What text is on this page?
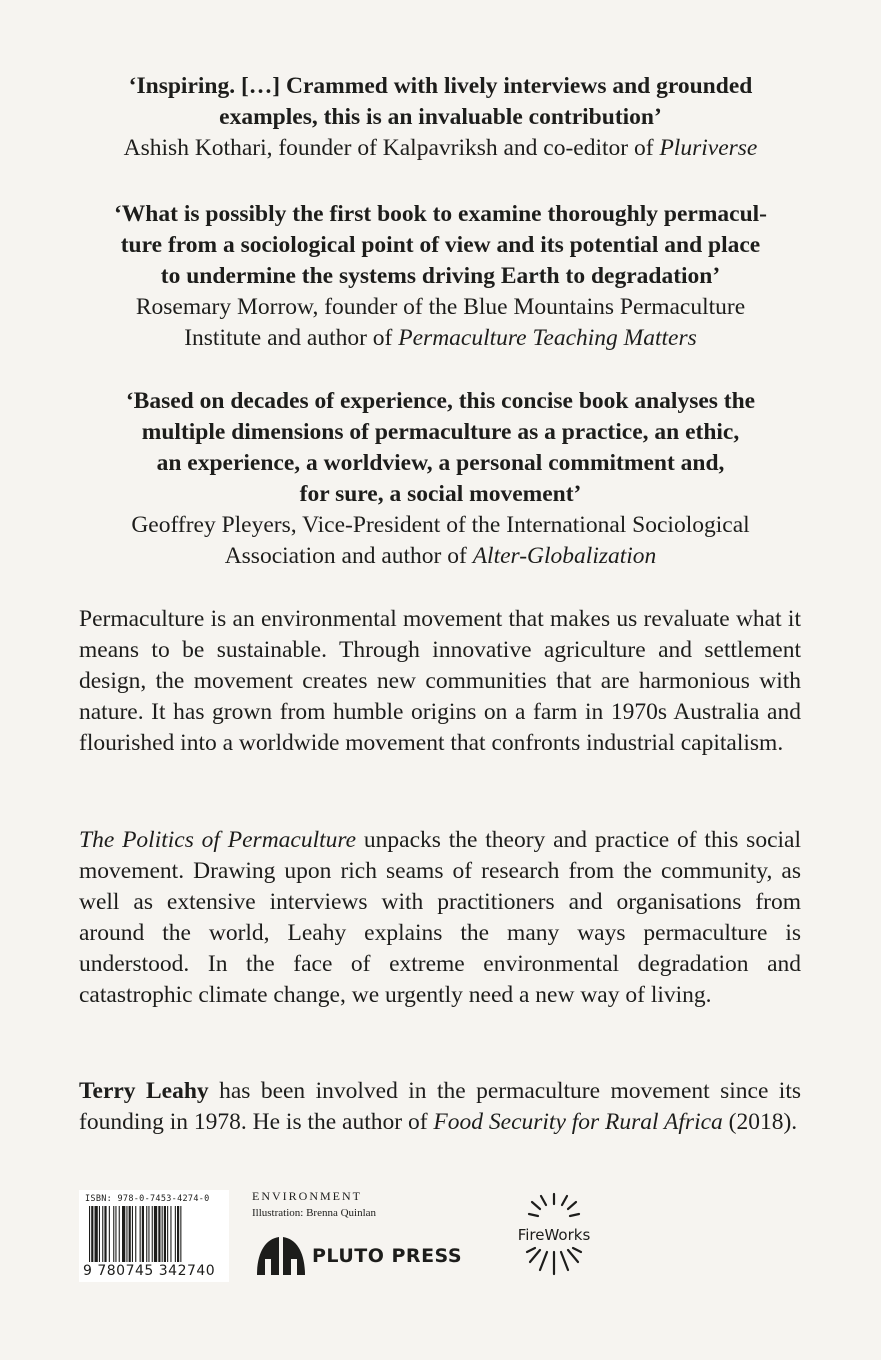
‘Inspiring. […] Crammed with lively interviews and grounded

examples, this is an invaluable contribution’

Ashish Kothari, founder of Kalpavriksh and co-editor of Pluriverse

‘What is possibly the first book to examine thoroughly permacul-

ture from a sociological point of view and its potential and place

to undermine the systems driving Earth to degradation’

Rosemary Morrow, founder of the Blue Mountains Permaculture

Institute and author of Permaculture Teaching Matters

‘Based on decades of experience, this concise book analyses the

multiple dimensions of permaculture as a practice, an ethic,

an experience, a worldview, a personal commitment and,

for sure, a social movement’

Geoffrey Pleyers, Vice-President of the International Sociological

Association and author of Alter-Globalization

Permaculture is an environmental movement that makes us revaluate what it means to be sustainable. Through innovative agriculture and settlement design, the movement creates new communities that are harmonious with nature. It has grown from humble origins on a farm in 1970s Australia and flourished into a worldwide movement that confronts industrial capitalism.

The Politics of Permaculture unpacks the theory and practice of this social movement. Drawing upon rich seams of research from the community, as well as extensive interviews with practitioners and organisations from around the world, Leahy explains the many ways permaculture is understood. In the face of extreme environmental degradation and catastrophic climate change, we urgently need a new way of living.

Terry Leahy has been involved in the permaculture movement since its founding in 1978. He is the author of Food Security for Rural Africa (2018).

ISBN: 978-0-7453-4274-0
9 780745 342740
ENVIRONMENT
Illustration: Brenna Quinlan
PLUTO PRESS
FireWorks
